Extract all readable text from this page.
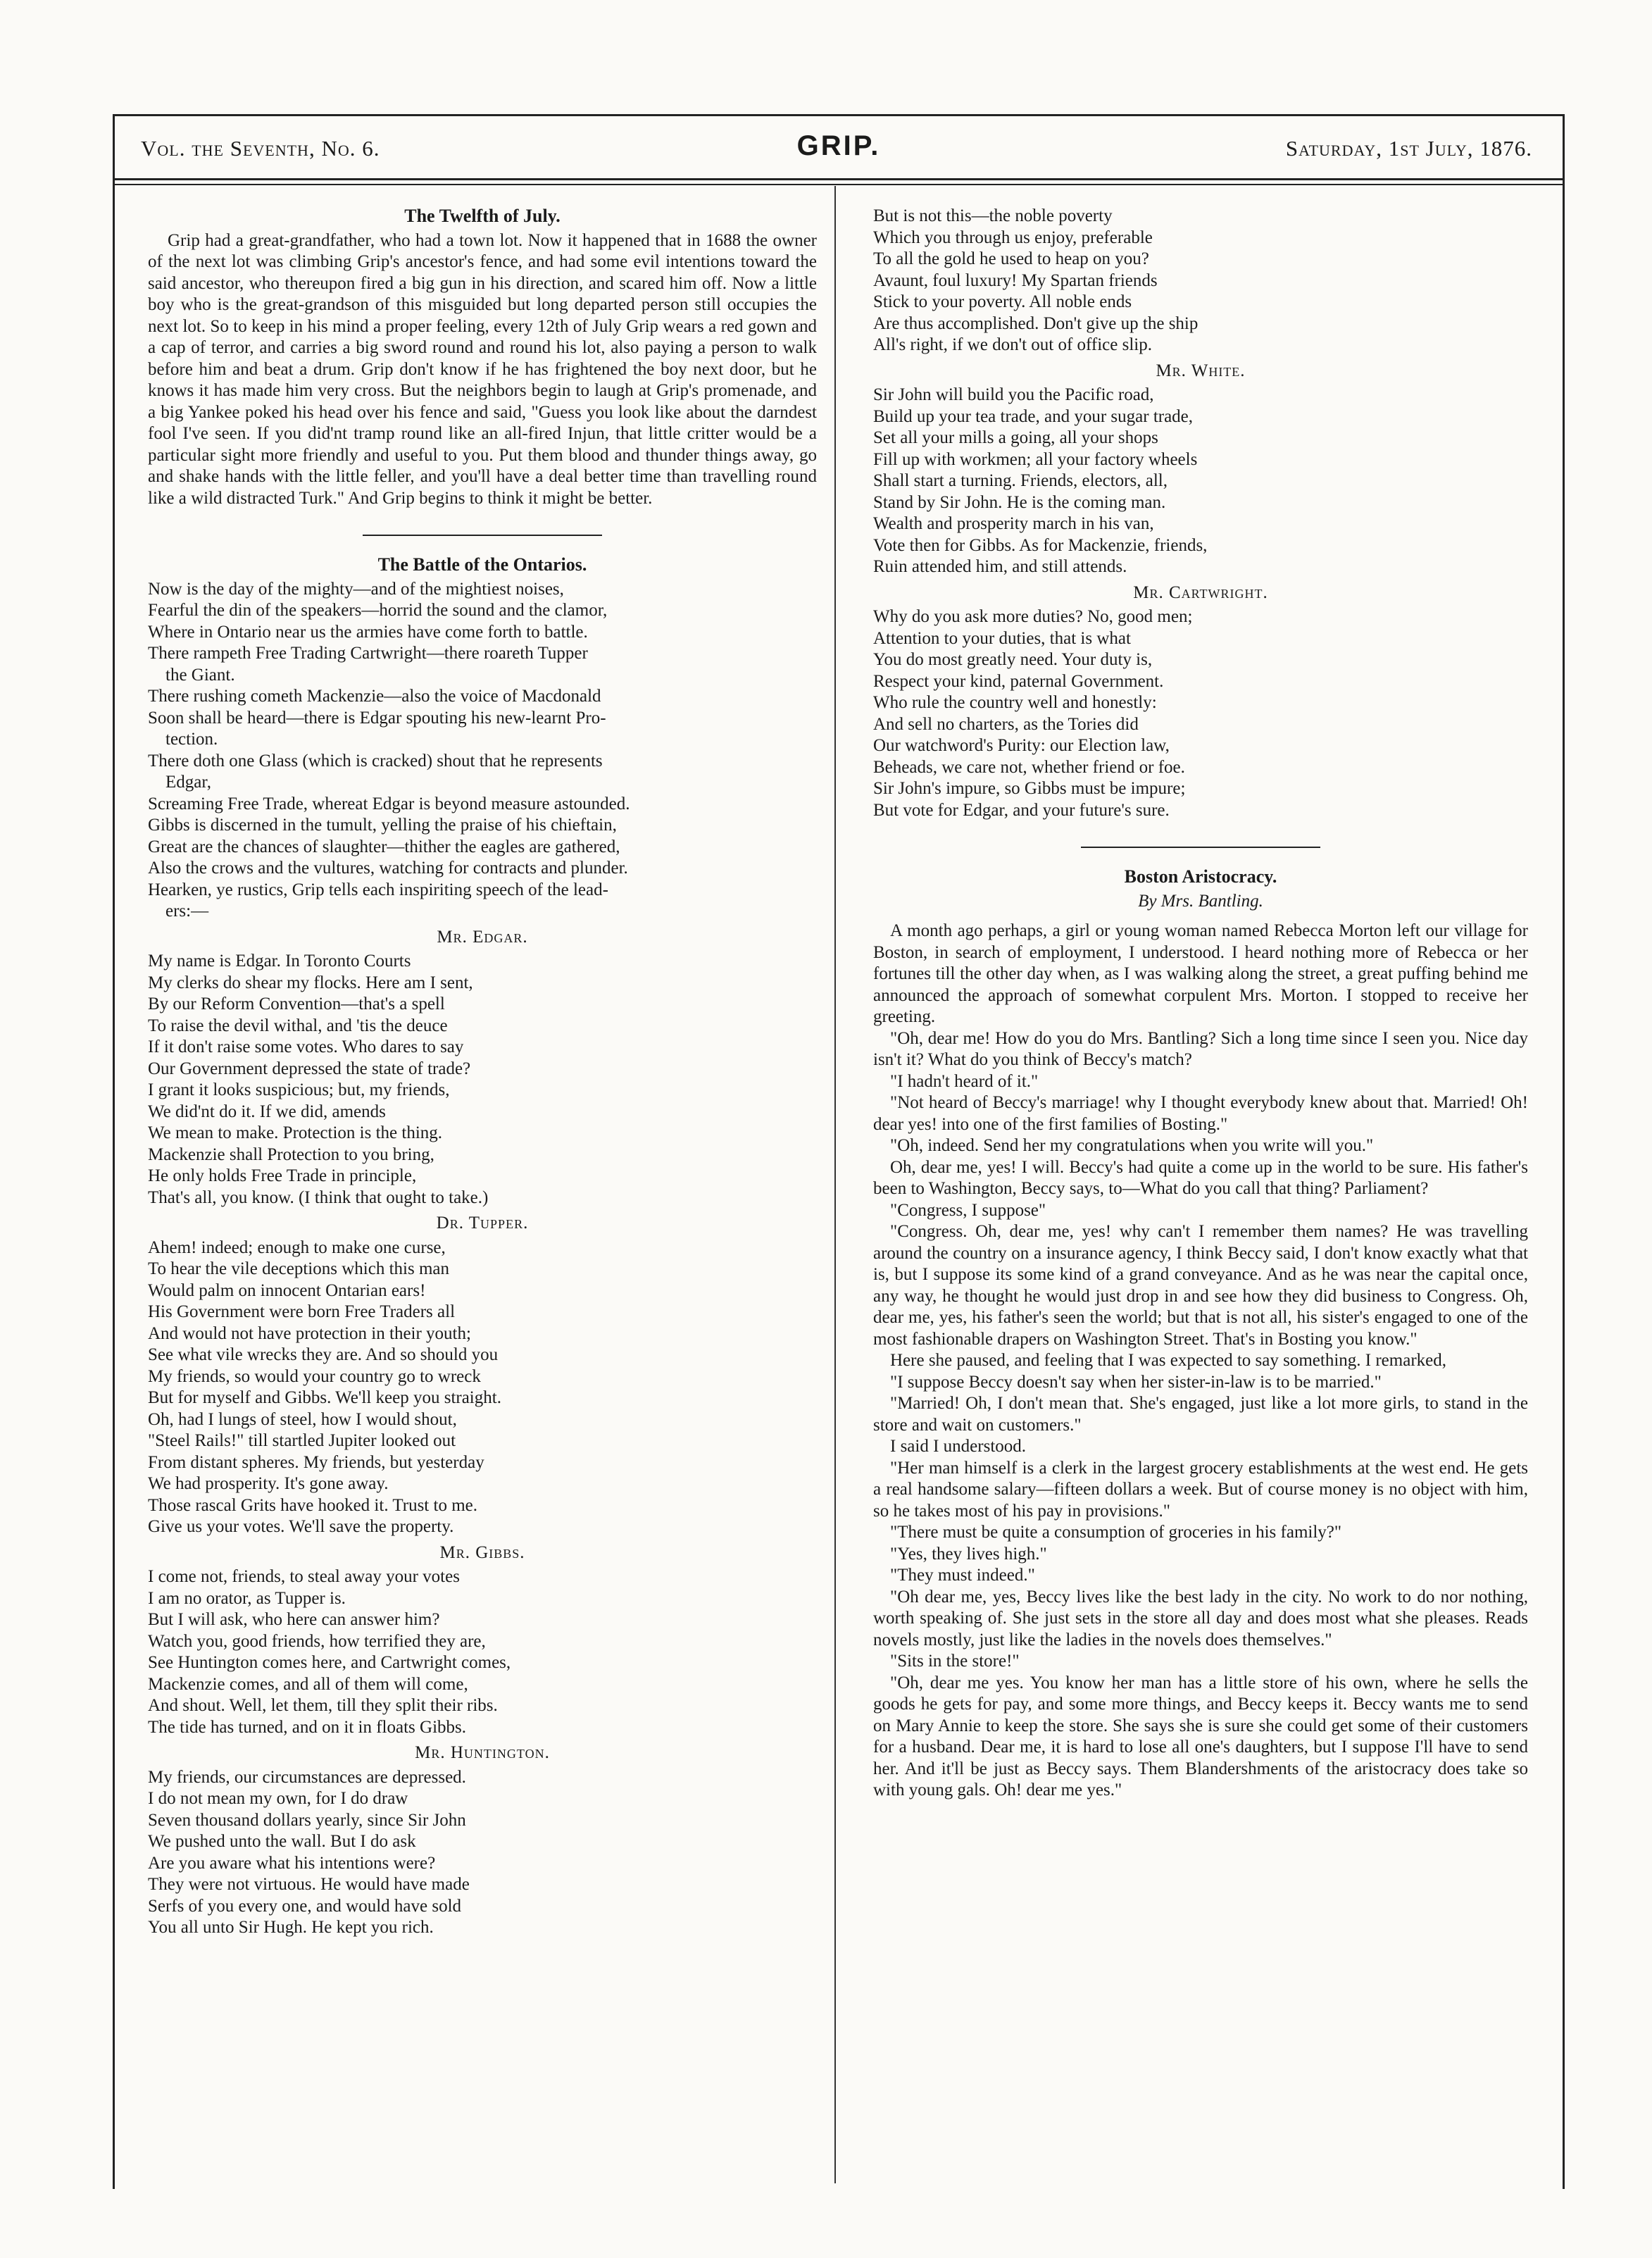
Vol. the Seventh, No. 6.	GRIP.	Saturday, 1st July, 1876.
The Twelfth of July.

Grip had a great-grandfather, who had a town lot. Now it happened that in 1688 the owner of the next lot was climbing Grip's ancestor's fence, and had some evil intentions toward the said ancestor, who thereupon fired a big gun in his direction, and scared him off. Now a little boy who is the great-grandson of this misguided but long departed person still occupies the next lot. So to keep in his mind a proper feeling, every 12th of July Grip wears a red gown and a cap of terror, and carries a big sword round and round his lot, also paying a person to walk before him and beat a drum. Grip don't know if he has frightened the boy next door, but he knows it has made him very cross. But the neighbors begin to laugh at Grip's promenade, and a big Yankee poked his head over his fence and said, "Guess you look like about the darndest fool I've seen. If you did'nt tramp round like an all-fired Injun, that little critter would be a particular sight more friendly and useful to you. Put them blood and thunder things away, go and shake hands with the little feller, and you'll have a deal better time than travelling round like a wild distracted Turk." And Grip begins to think it might be better.

The Battle of the Ontarios.
Now is the day of the mighty—and of the mightiest noises,
Fearful the din of the speakers—horrid the sound and the clamor,
Where in Ontario near us the armies have come forth to battle.
There rampeth Free Trading Cartwright—there roareth Tupper
the Giant.
There rushing cometh Mackenzie—also the voice of Macdonald
Soon shall be heard—there is Edgar spouting his new-learnt Pro-
tection.
There doth one Glass (which is cracked) shout that he represents
Edgar,
Screaming Free Trade, whereat Edgar is beyond measure astounded.
Gibbs is discerned in the tumult, yelling the praise of his chieftain,
Great are the chances of slaughter—thither the eagles are gathered,
Also the crows and the vultures, watching for contracts and plunder.
Hearken, ye rustics, Grip tells each inspiriting speech of the lead-
ers:—
Mr. Edgar.
My name is Edgar. In Toronto Courts
My clerks do shear my flocks. Here am I sent,
By our Reform Convention—that's a spell
To raise the devil withal, and 'tis the deuce
If it don't raise some votes. Who dares to say
Our Government depressed the state of trade?
I grant it looks suspicious; but, my friends,
We did'nt do it. If we did, amends
We mean to make. Protection is the thing.
Mackenzie shall Protection to you bring,
He only holds Free Trade in principle,
That's all, you know. (I think that ought to take.)
Dr. Tupper.
Ahem! indeed; enough to make one curse,
To hear the vile deceptions which this man
Would palm on innocent Ontarian ears!
His Government were born Free Traders all
And would not have protection in their youth;
See what vile wrecks they are. And so should you
My friends, so would your country go to wreck
But for myself and Gibbs. We'll keep you straight.
Oh, had I lungs of steel, how I would shout,
"Steel Rails!" till startled Jupiter looked out
From distant spheres. My friends, but yesterday
We had prosperity. It's gone away.
Those rascal Grits have hooked it. Trust to me.
Give us your votes. We'll save the property.
Mr. Gibbs.
I come not, friends, to steal away your votes
I am no orator, as Tupper is.
But I will ask, who here can answer him?
Watch you, good friends, how terrified they are,
See Huntington comes here, and Cartwright comes,
Mackenzie comes, and all of them will come,
And shout. Well, let them, till they split their ribs.
The tide has turned, and on it in floats Gibbs.
Mr. Huntington.
My friends, our circumstances are depressed.
I do not mean my own, for I do draw
Seven thousand dollars yearly, since Sir John
We pushed unto the wall. But I do ask
Are you aware what his intentions were?
They were not virtuous. He would have made
Serfs of you every one, and would have sold
You all unto Sir Hugh. He kept you rich.
But is not this—the noble poverty
Which you through us enjoy, preferable
To all the gold he used to heap on you?
Avaunt, foul luxury! My Spartan friends
Stick to your poverty. All noble ends
Are thus accomplished. Don't give up the ship
All's right, if we don't out of office slip.
Mr. White.
Sir John will build you the Pacific road,
Build up your tea trade, and your sugar trade,
Set all your mills a going, all your shops
Fill up with workmen; all your factory wheels
Shall start a turning. Friends, electors, all,
Stand by Sir John. He is the coming man.
Wealth and prosperity march in his van,
Vote then for Gibbs. As for Mackenzie, friends,
Ruin attended him, and still attends.
Mr. Cartwright.
Why do you ask more duties? No, good men;
Attention to your duties, that is what
You do most greatly need. Your duty is,
Respect your kind, paternal Government.
Who rule the country well and honestly:
And sell no charters, as the Tories did
Our watchword's Purity: our Election law,
Beheads, we care not, whether friend or foe.
Sir John's impure, so Gibbs must be impure;
But vote for Edgar, and your future's sure.
Boston Aristocracy.
By Mrs. Bantling.

A month ago perhaps, a girl or young woman named Rebecca Morton left our village for Boston, in search of employment, I understood. I heard nothing more of Rebecca or her fortunes till the other day when, as I was walking along the street, a great puffing behind me announced the approach of somewhat corpulent Mrs. Morton. I stopped to receive her greeting.

"Oh, dear me! How do you do Mrs. Bantling? Sich a long time since I seen you. Nice day isn't it? What do you think of Beccy's match?

"I hadn't heard of it."

"Not heard of Beccy's marriage! why I thought everybody knew about that. Married! Oh! dear yes! into one of the first families of Bosting."

"Oh, indeed. Send her my congratulations when you write will you."

Oh, dear me, yes! I will. Beccy's had quite a come up in the world to be sure. His father's been to Washington, Beccy says, to—What do you call that thing? Parliament?

"Congress, I suppose"

"Congress. Oh, dear me, yes! why can't I remember them names? He was travelling around the country on a insurance agency, I think Beccy said, I don't know exactly what that is, but I suppose its some kind of a grand conveyance. And as he was near the capital once, any way, he thought he would just drop in and see how they did business to Congress. Oh, dear me, yes, his father's seen the world; but that is not all, his sister's engaged to one of the most fashionable drapers on Washington Street. That's in Bosting you know."

Here she paused, and feeling that I was expected to say something. I remarked,

"I suppose Beccy doesn't say when her sister-in-law is to be married."

"Married! Oh, I don't mean that. She's engaged, just like a lot more girls, to stand in the store and wait on customers."

I said I understood.

"Her man himself is a clerk in the largest grocery establishments at the west end. He gets a real handsome salary—fifteen dollars a week. But of course money is no object with him, so he takes most of his pay in provisions."

"There must be quite a consumption of groceries in his family?"

"Yes, they lives high."

"They must indeed."

"Oh dear me, yes, Beccy lives like the best lady in the city. No work to do nor nothing, worth speaking of. She just sets in the store all day and does most what she pleases. Reads novels mostly, just like the ladies in the novels does themselves."

"Sits in the store!"

"Oh, dear me yes. You know her man has a little store of his own, where he sells the goods he gets for pay, and some more things, and Beccy keeps it. Beccy wants me to send on Mary Annie to keep the store. She says she is sure she could get some of their customers for a husband. Dear me, it is hard to lose all one's daughters, but I suppose I'll have to send her. And it'll be just as Beccy says. Them Blandershments of the aristocracy does take so with young gals. Oh! dear me yes."
